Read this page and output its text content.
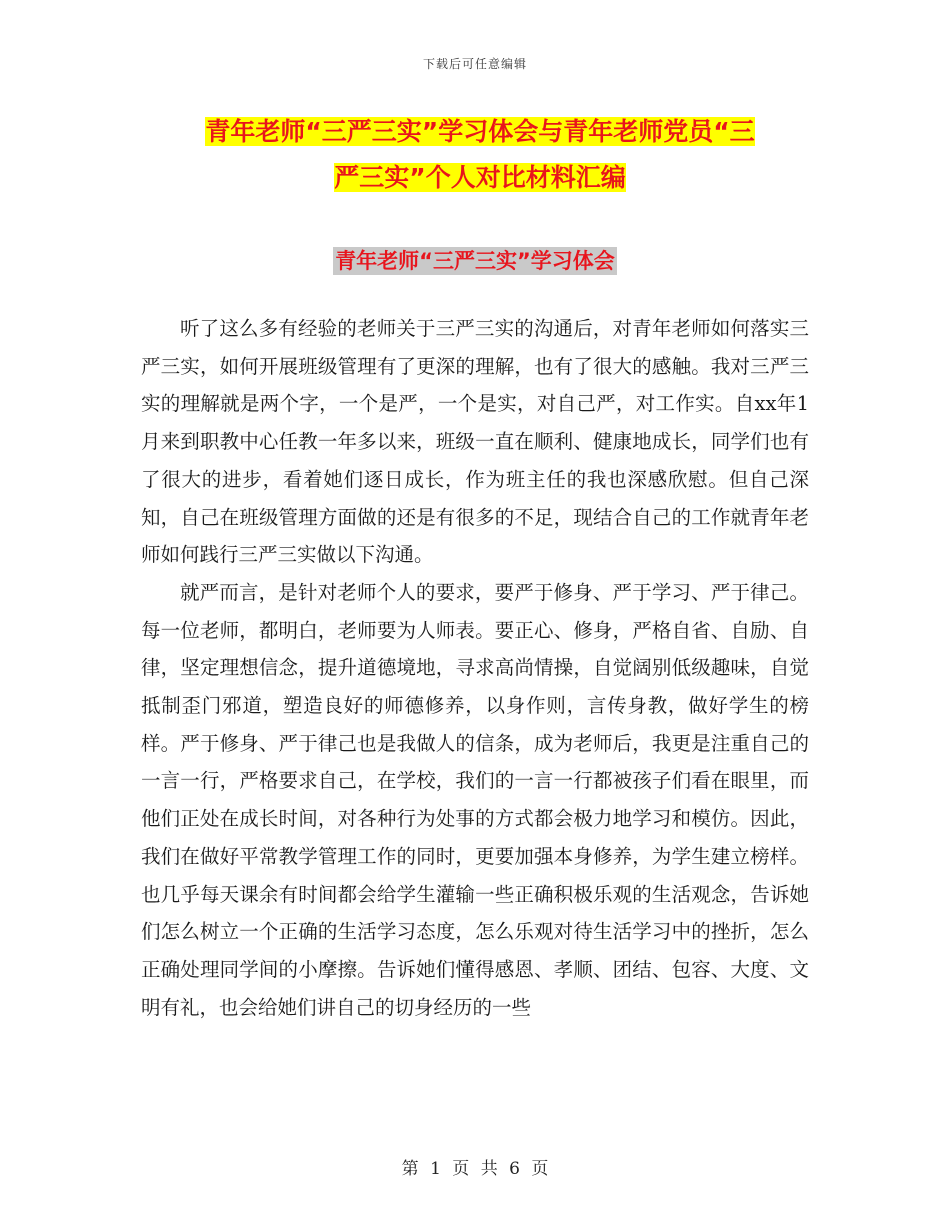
下载后可任意编辑
青年老师“三严三实”学习体会与青年老师党员“三
严三实”个人对比材料汇编
青年老师“三严三实”学习体会

听了这么多有经验的老师关于三严三实的沟通后，对青年老师如何落实三严三实，如何开展班级管理有了更深的理解，也有了很大的感触。我对三严三实的理解就是两个字，一个是严，一个是实，对自己严，对工作实。自xx年1月来到职教中心任教一年多以来，班级一直在顺利、健康地成长，同学们也有了很大的进步，看着她们逐日成长，作为班主任的我也深感欣慰。但自己深知，自己在班级管理方面做的还是有很多的不足，现结合自己的工作就青年老师如何践行三严三实做以下沟通。

就严而言，是针对老师个人的要求，要严于修身、严于学习、严于律己。每一位老师，都明白，老师要为人师表。要正心、修身，严格自省、自励、自律，坚定理想信念，提升道德境地，寻求高尚情操，自觉阔别低级趣味，自觉抵制歪门邪道，塑造良好的师德修养，以身作则，言传身教，做好学生的榜样。严于修身、严于律己也是我做人的信条，成为老师后，我更是注重自己的一言一行，严格要求自己，在学校，我们的一言一行都被孩子们看在眼里，而他们正处在成长时间，对各种行为处事的方式都会极力地学习和模仿。因此，我们在做好平常教学管理工作的同时，更要加强本身修养，为学生建立榜样。也几乎每天课余有时间都会给学生灌输一些正确积极乐观的生活观念，告诉她们怎么树立一个正确的生活学习态度，怎么乐观对待生活学习中的挫折，怎么正确处理同学间的小摩擦。告诉她们懂得感恩、孝顺、团结、包容、大度、文明有礼，也会给她们讲自己的切身经历的一些

第 1 页 共 6 页
